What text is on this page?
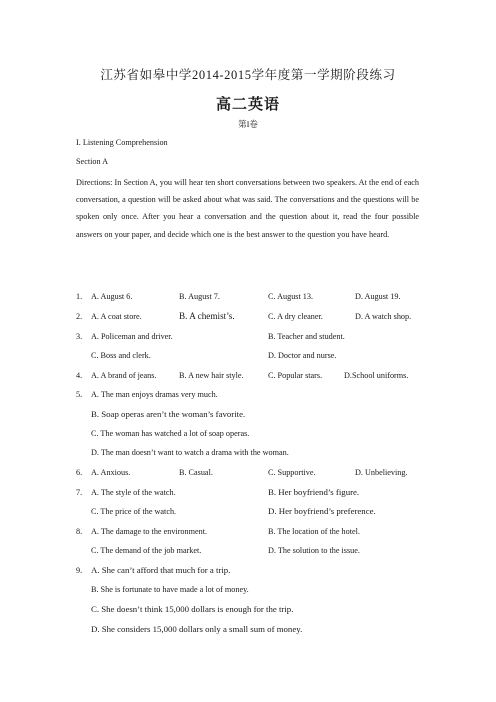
江苏省如皋中学2014-2015学年度第一学期阶段练习
高二英语
第I卷
I. Listening Comprehension
Section A
Directions: In Section A, you will hear ten short conversations between two speakers. At the end of each conversation, a question will be asked about what was said. The conversations and the questions will be spoken only once. After you hear a conversation and the question about it, read the four possible answers on your paper, and decide which one is the best answer to the question you have heard.
1. A. August 6.	B. August 7.	C. August 13.	D. August 19.
2. A. A coat store.	B. A chemist’s.	C. A dry cleaner.	D. A watch shop.
3. A. Policeman and driver.	B. Teacher and student.
C. Boss and clerk.	D. Doctor and nurse.
4. A. A brand of jeans.	B. A new hair style.	C. Popular stars.	D.School uniforms.
5. A. The man enjoys dramas very much.
B. Soap operas aren’t the woman’s favorite.
C. The woman has watched a lot of soap operas.
D. The man doesn’t want to watch a drama with the woman.
6. A. Anxious.	B. Casual.	C. Supportive.	D. Unbelieving.
7. A. The style of the watch.	B. Her boyfriend’s figure.
C. The price of the watch.	D. Her boyfriend’s preference.
8. A. The damage to the environment.	B. The location of the hotel.
C. The demand of the job market.	D. The solution to the issue.
9. A. She can’t afford that much for a trip.
B. She is fortunate to have made a lot of money.
C. She doesn’t think 15,000 dollars is enough for the trip.
D. She considers 15,000 dollars only a small sum of money.
